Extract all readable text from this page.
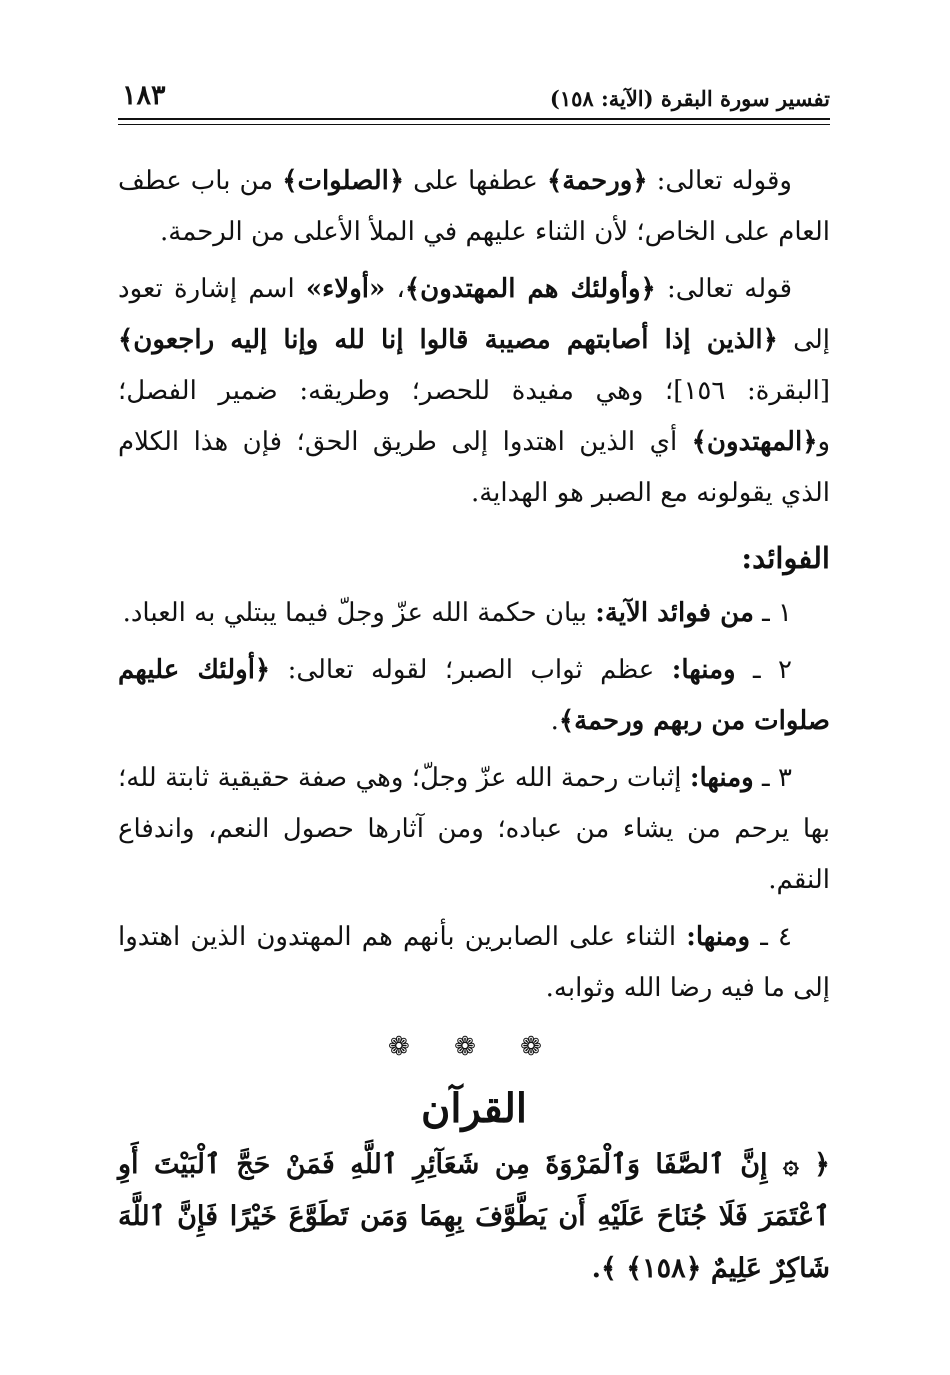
تفسير سورة البقرة (الآية: ١٥٨)
١٨٣

وقوله تعالى: ﴿ورحمة﴾ عطفها على ﴿الصلوات﴾ من باب عطف العام على الخاص؛ لأن الثناء عليهم في الملأ الأعلى من الرحمة.

قوله تعالى: ﴿وأولئك هم المهتدون﴾، «أولاء» اسم إشارة تعود إلى ﴿الذين إذا أصابتهم مصيبة قالوا إنا لله وإنا إليه راجعون﴾ [البقرة: ١٥٦]؛ وهي مفيدة للحصر؛ وطريقه: ضمير الفصل؛ و﴿المهتدون﴾ أي الذين اهتدوا إلى طريق الحق؛ فإن هذا الكلام الذي يقولونه مع الصبر هو الهداية.

الفوائد:

١ ـ من فوائد الآية: بيان حكمة الله عزّ وجلّ فيما يبتلي به العباد.

٢ ـ ومنها: عظم ثواب الصبر؛ لقوله تعالى: ﴿أولئك عليهم صلوات من ربهم ورحمة﴾.

٣ ـ ومنها: إثبات رحمة الله عزّ وجلّ؛ وهي صفة حقيقية ثابتة لله؛ بها يرحم من يشاء من عباده؛ ومن آثارها حصول النعم، واندفاع النقم.

٤ ـ ومنها: الثناء على الصابرين بأنهم هم المهتدون الذين اهتدوا إلى ما فيه رضا الله وثوابه.

❁ ❁ ❁
القرآن

﴿ ۞ إِنَّ ٱلصَّفَا وَٱلْمَرْوَةَ مِن شَعَآئِرِ ٱللَّهِ فَمَنْ حَجَّ ٱلْبَيْتَ أَوِ ٱعْتَمَرَ فَلَا جُنَاحَ عَلَيْهِ أَن يَطَّوَّفَ بِهِمَا وَمَن تَطَوَّعَ خَيْرًا فَإِنَّ ٱللَّهَ شَاكِرٌ عَلِيمٌ ﴿١٥٨﴾ ﴾.
